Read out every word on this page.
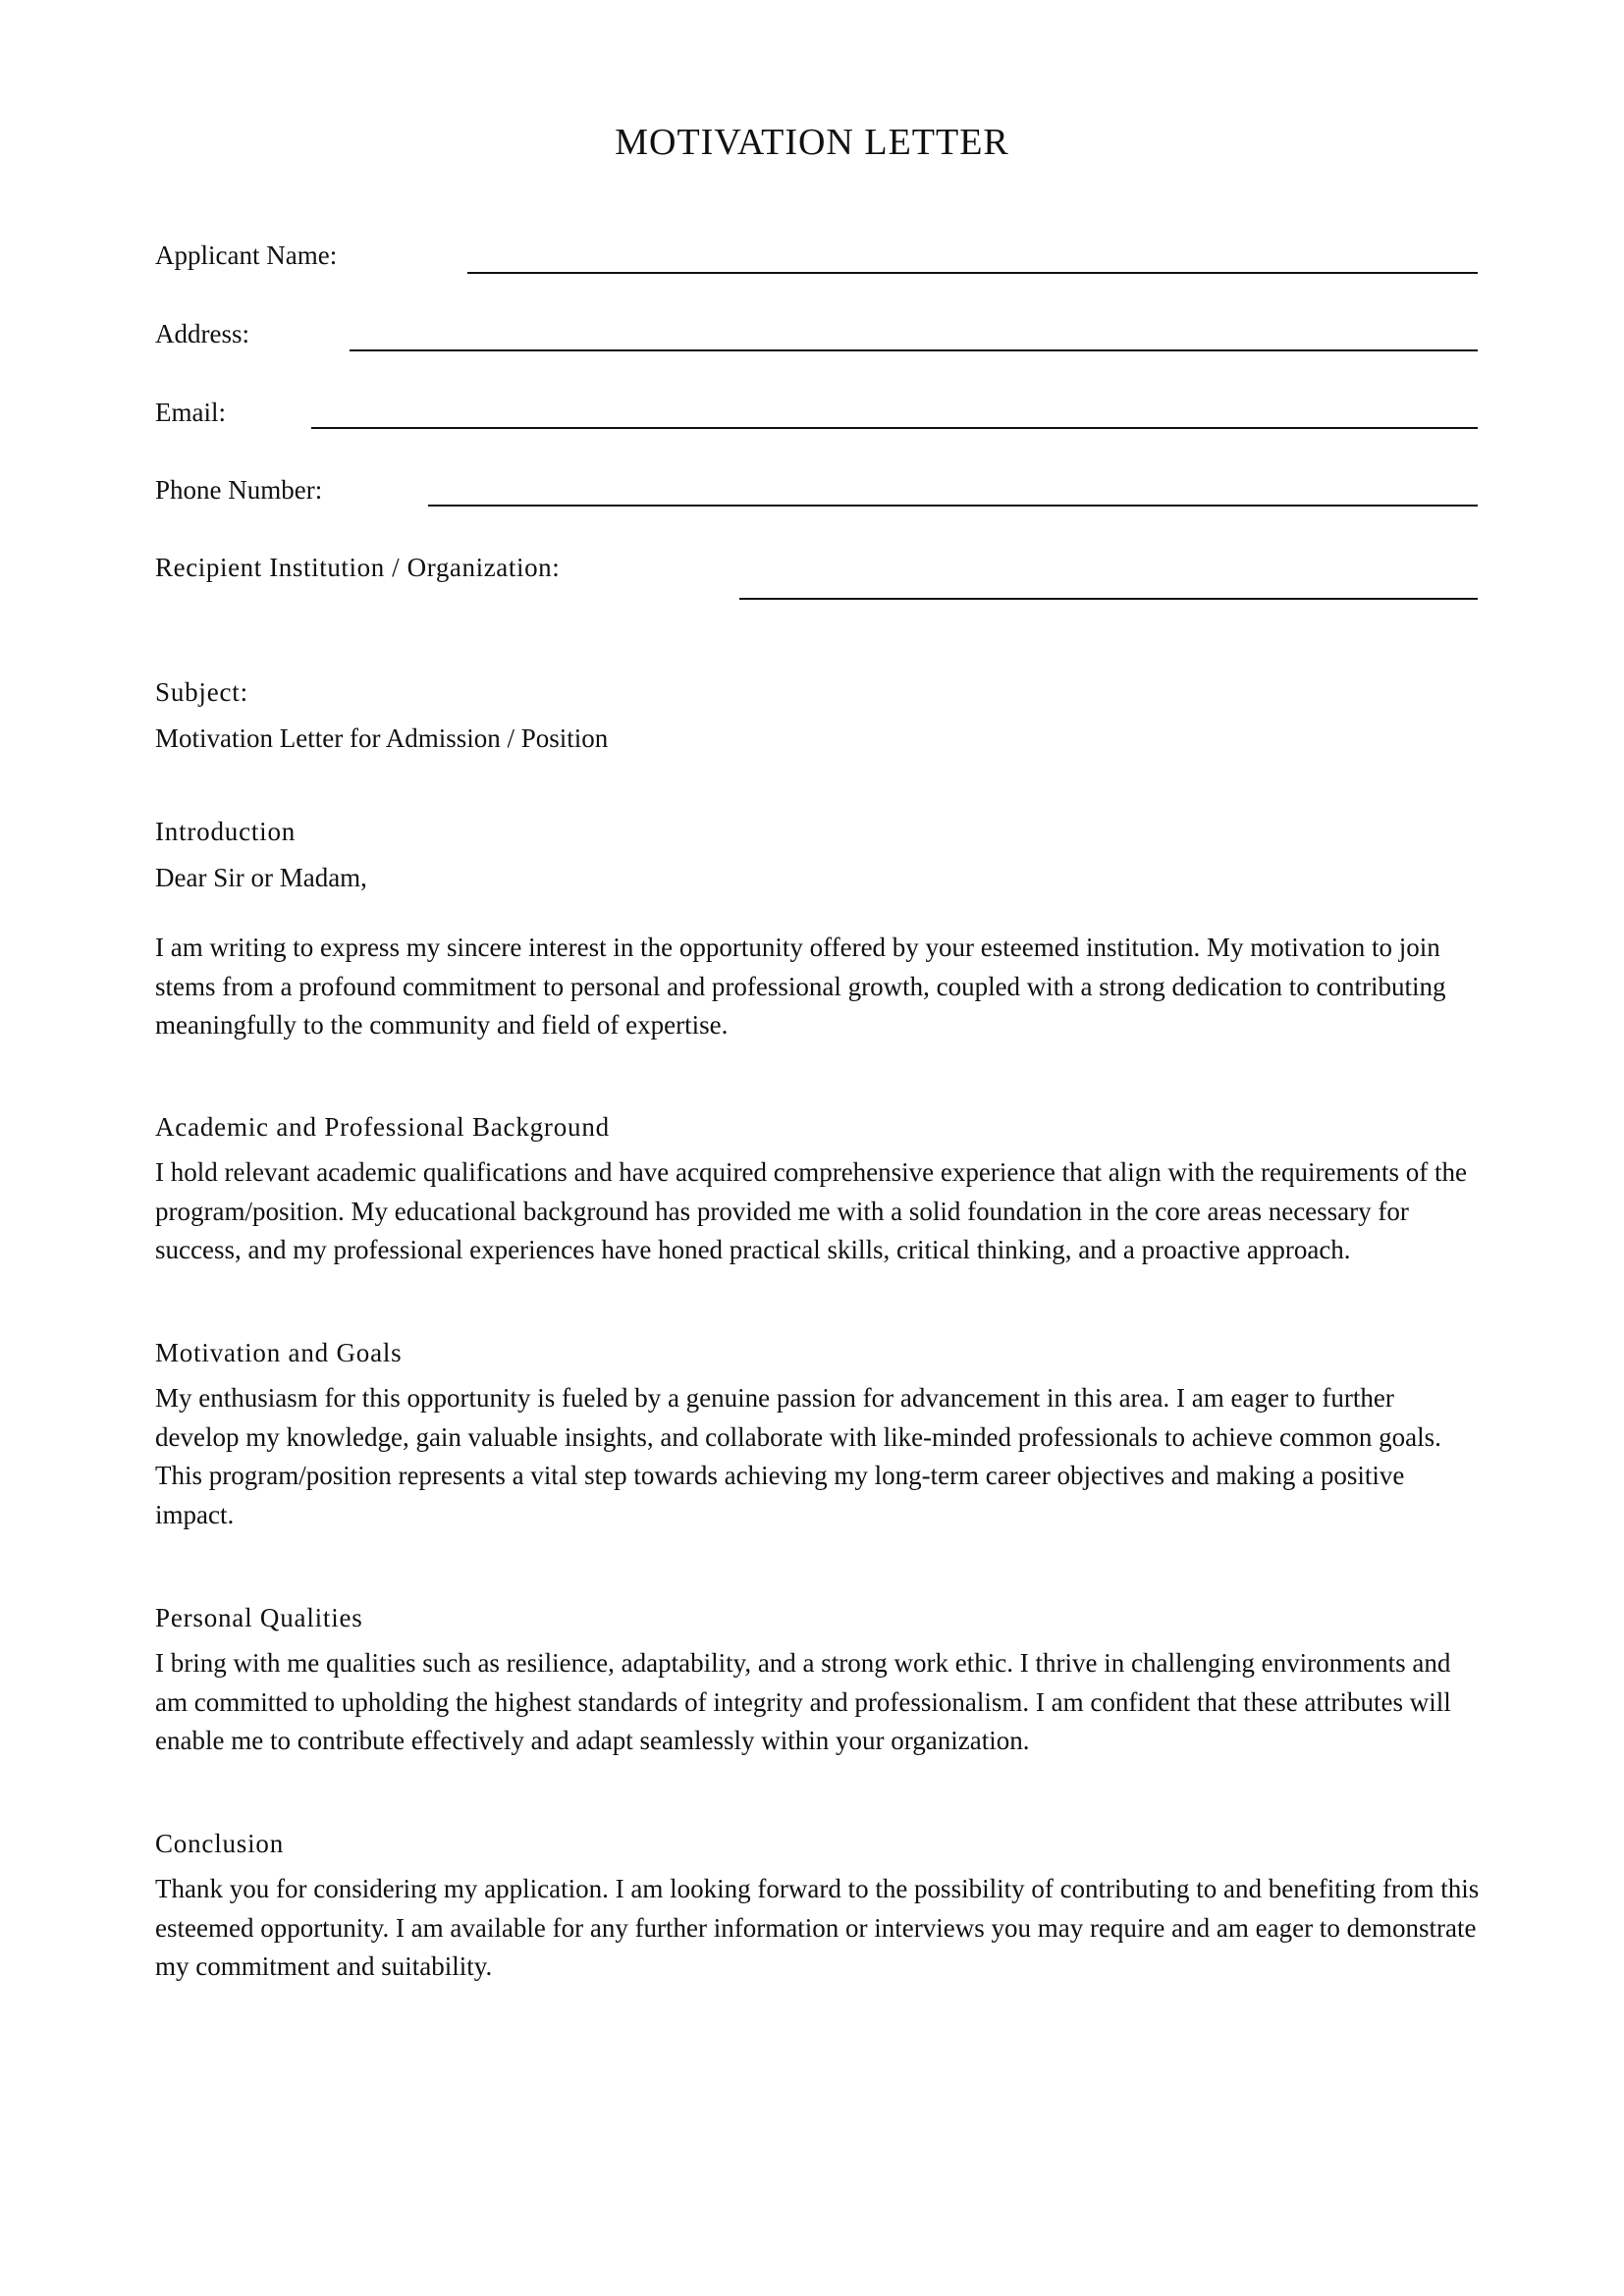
MOTIVATION LETTER
Applicant Name:
Address:
Email:
Phone Number:
Recipient Institution / Organization:
Subject:
Motivation Letter for Admission / Position
Introduction
Dear Sir or Madam,

I am writing to express my sincere interest in the opportunity offered by your esteemed institution. My motivation to join stems from a profound commitment to personal and professional growth, coupled with a strong dedication to contributing meaningfully to the community and field of expertise.

Academic and Professional Background

I hold relevant academic qualifications and have acquired comprehensive experience that align with the requirements of the program/position. My educational background has provided me with a solid foundation in the core areas necessary for success, and my professional experiences have honed practical skills, critical thinking, and a proactive approach.

Motivation and Goals

My enthusiasm for this opportunity is fueled by a genuine passion for advancement in this area. I am eager to further develop my knowledge, gain valuable insights, and collaborate with like-minded professionals to achieve common goals. This program/position represents a vital step towards achieving my long-term career objectives and making a positive impact.

Personal Qualities

I bring with me qualities such as resilience, adaptability, and a strong work ethic. I thrive in challenging environments and am committed to upholding the highest standards of integrity and professionalism. I am confident that these attributes will enable me to contribute effectively and adapt seamlessly within your organization.

Conclusion

Thank you for considering my application. I am looking forward to the possibility of contributing to and benefiting from this esteemed opportunity. I am available for any further information or interviews you may require and am eager to demonstrate my commitment and suitability.
